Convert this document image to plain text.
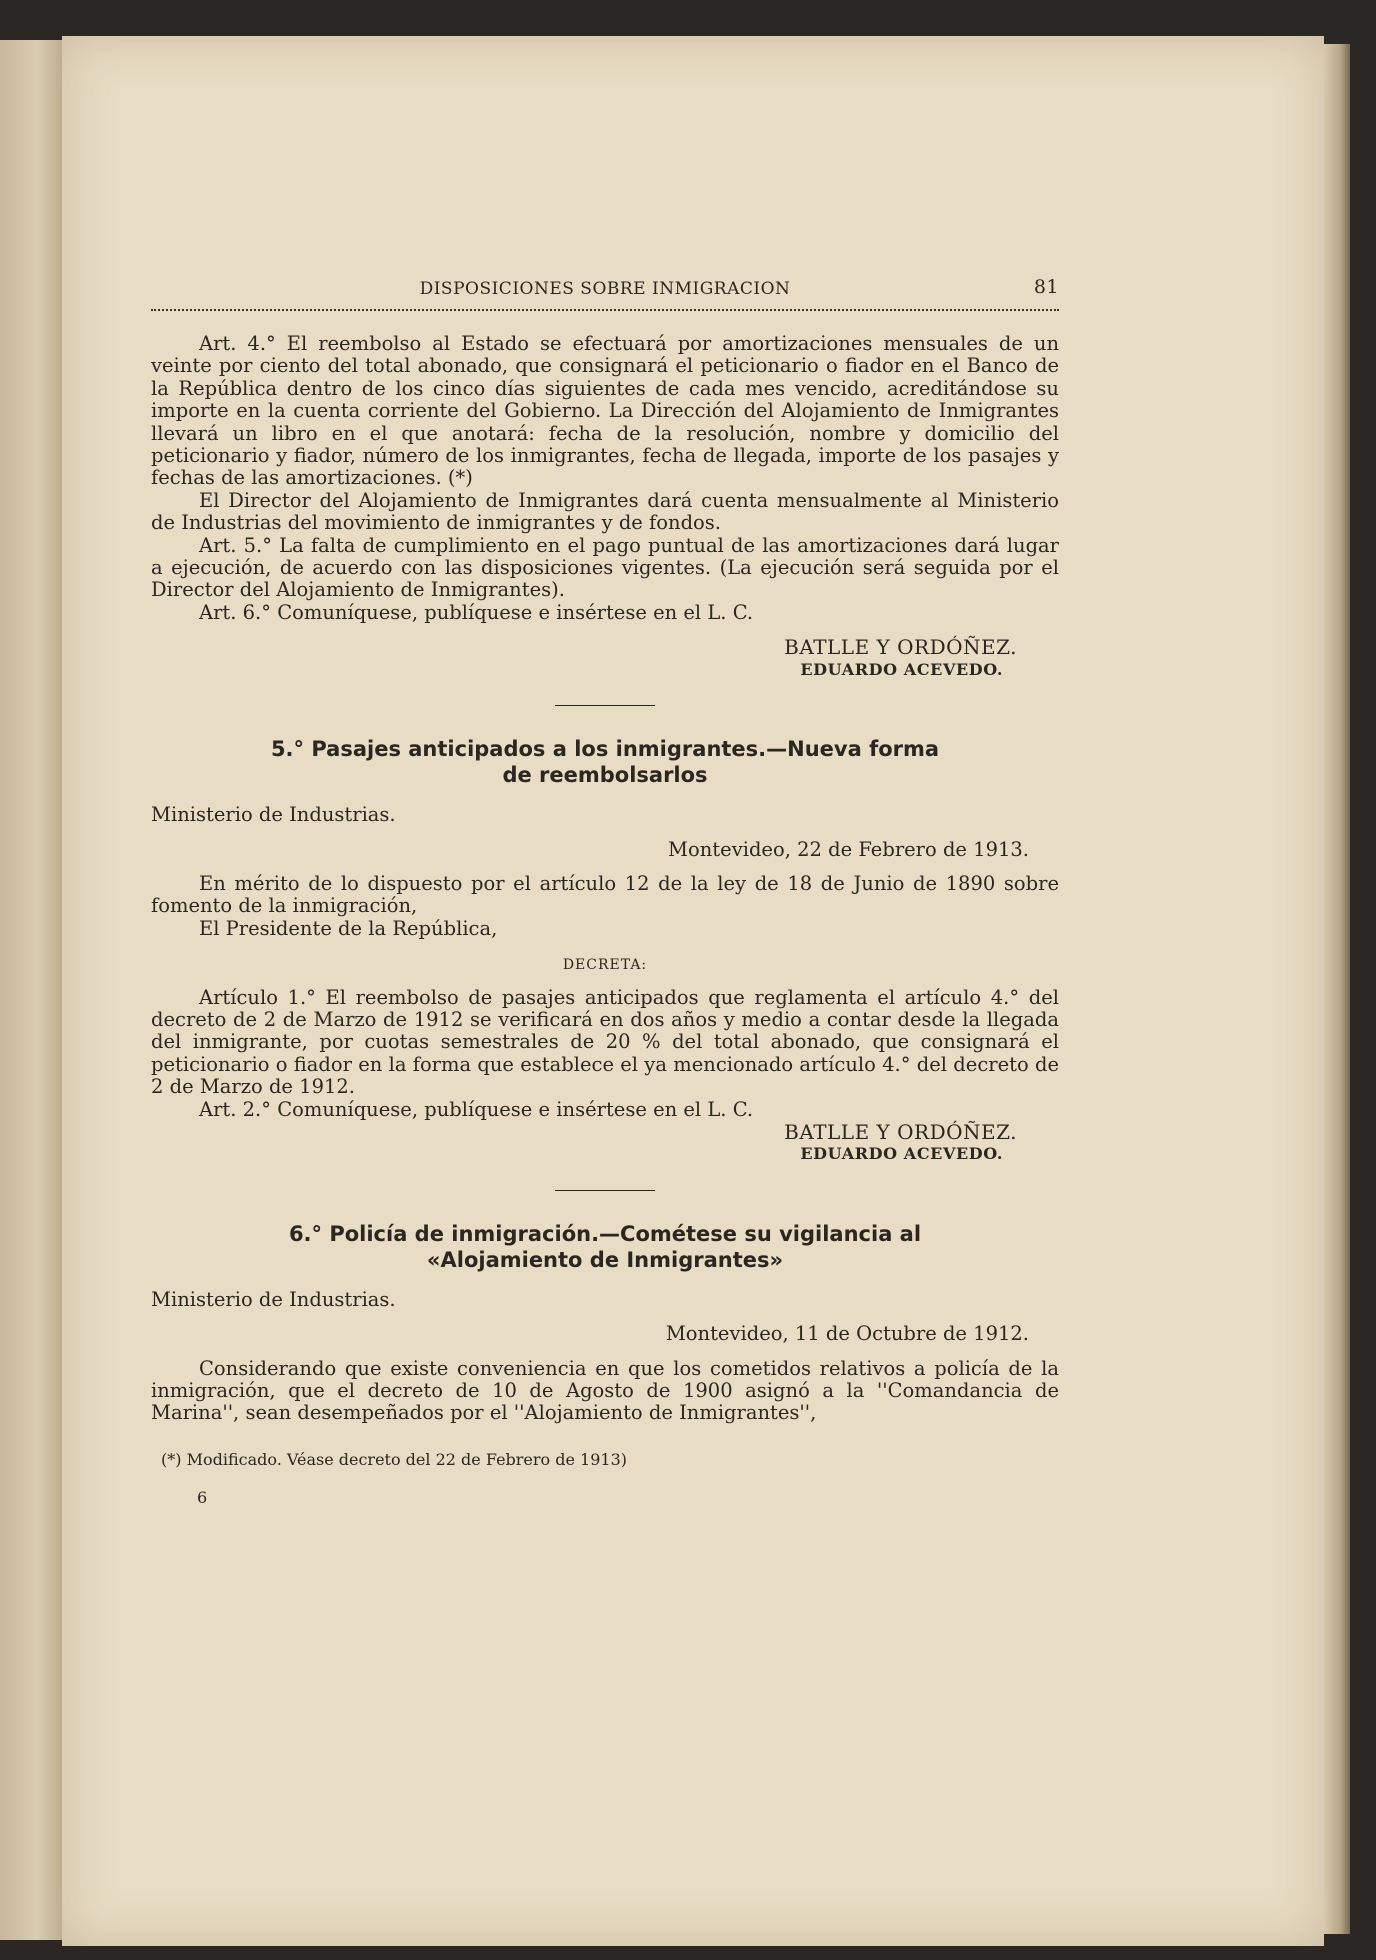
DISPOSICIONES SOBRE INMIGRACION	81

Art. 4.° El reembolso al Estado se efectuará por amortizaciones mensuales de un veinte por ciento del total abonado, que consignará el peticionario o fiador en el Banco de la República dentro de los cinco días siguientes de cada mes vencido, acreditándose su importe en la cuenta corriente del Gobierno. La Dirección del Alojamiento de Inmigrantes llevará un libro en el que anotará: fecha de la resolución, nombre y domicilio del peticionario y fiador, número de los inmigrantes, fecha de llegada, importe de los pasajes y fechas de las amortizaciones. (*)

El Director del Alojamiento de Inmigrantes dará cuenta mensualmente al Ministerio de Industrias del movimiento de inmigrantes y de fondos.

Art. 5.° La falta de cumplimiento en el pago puntual de las amortizaciones dará lugar a ejecución, de acuerdo con las disposiciones vigentes. (La ejecución será seguida por el Director del Alojamiento de Inmigrantes).

Art. 6.° Comuníquese, publíquese e insértese en el L. C.

BATLLE Y ORDÓÑEZ.

EDUARDO ACEVEDO.

5.° Pasajes anticipados a los inmigrantes.—Nueva forma
de reembolsarlos

Ministerio de Industrias.

Montevideo, 22 de Febrero de 1913.

En mérito de lo dispuesto por el artículo 12 de la ley de 18 de Junio de 1890 sobre fomento de la inmigración,

El Presidente de la República,

DECRETA:

Artículo 1.° El reembolso de pasajes anticipados que reglamenta el artículo 4.° del decreto de 2 de Marzo de 1912 se verificará en dos años y medio a contar desde la llegada del inmigrante, por cuotas semestrales de 20 % del total abonado, que consignará el peticionario o fiador en la forma que establece el ya mencionado artículo 4.° del decreto de 2 de Marzo de 1912.

Art. 2.° Comuníquese, publíquese e insértese en el L. C.

BATLLE Y ORDÓÑEZ.

EDUARDO ACEVEDO.

6.° Policía de inmigración.—Cométese su vigilancia al
«Alojamiento de Inmigrantes»

Ministerio de Industrias.

Montevideo, 11 de Octubre de 1912.

Considerando que existe conveniencia en que los cometidos relativos a policía de la inmigración, que el decreto de 10 de Agosto de 1900 asignó a la ''Comandancia de Marina'', sean desempeñados por el ''Alojamiento de Inmigrantes'',

(*) Modificado. Véase decreto del 22 de Febrero de 1913)

6
